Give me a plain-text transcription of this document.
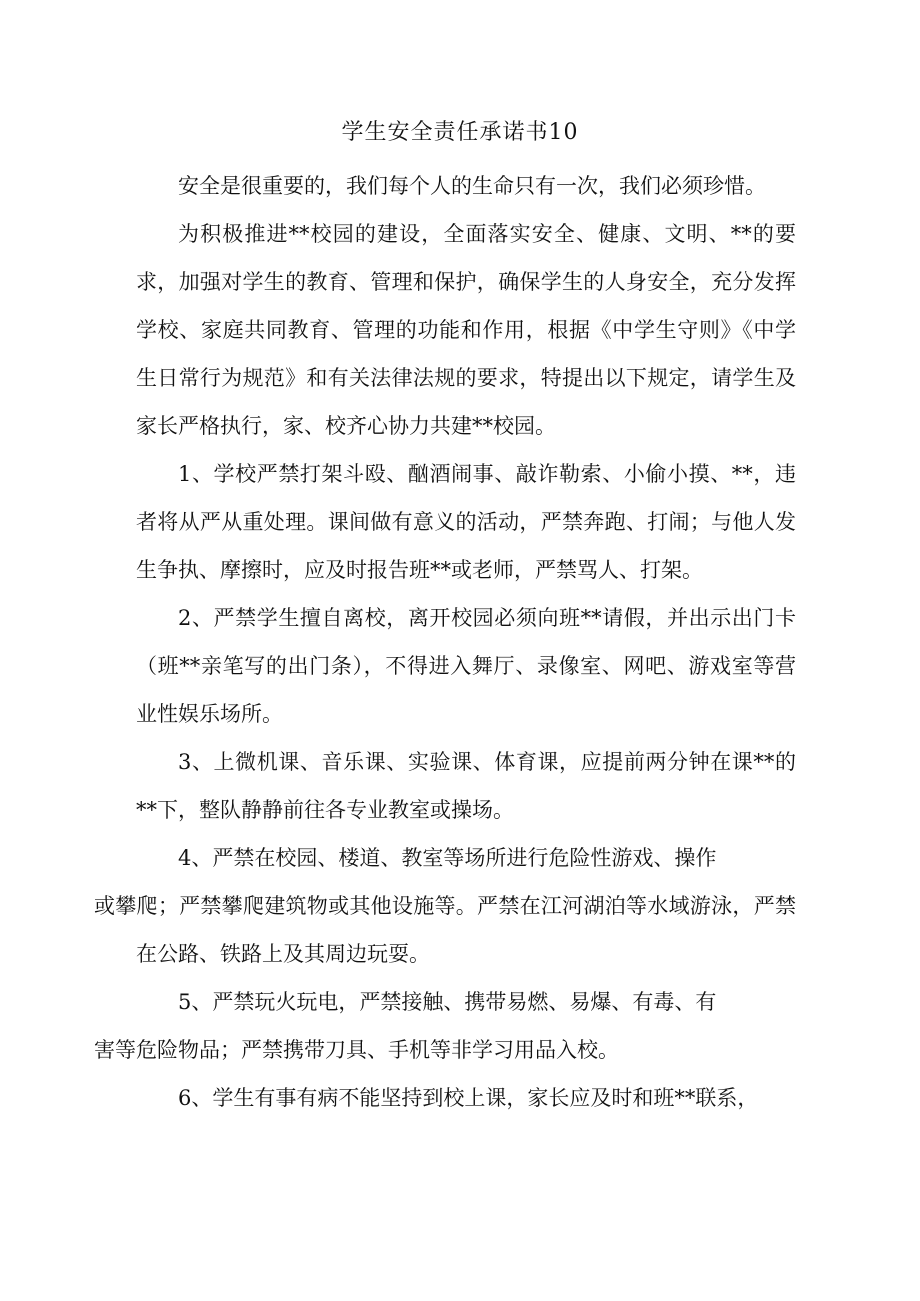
学生安全责任承诺书10

安全是很重要的，我们每个人的生命只有一次，我们必须珍惜。

为积极推进**校园的建设，全面落实安全、健康、文明、**的要求，加强对学生的教育、管理和保护，确保学生的人身安全，充分发挥学校、家庭共同教育、管理的功能和作用，根据《中学生守则》《中学生日常行为规范》和有关法律法规的要求，特提出以下规定，请学生及家长严格执行，家、校齐心协力共建**校园。

1、学校严禁打架斗殴、酗酒闹事、敲诈勒索、小偷小摸、**，违者将从严从重处理。课间做有意义的活动，严禁奔跑、打闹；与他人发生争执、摩擦时，应及时报告班**或老师，严禁骂人、打架。

2、严禁学生擅自离校，离开校园必须向班**请假，并出示出门卡（班**亲笔写的出门条），不得进入舞厅、录像室、网吧、游戏室等营业性娱乐场所。

3、上微机课、音乐课、实验课、体育课，应提前两分钟在课**的**下，整队静静前往各专业教室或操场。

4、严禁在校园、楼道、教室等场所进行危险性游戏、操作
或攀爬；严禁攀爬建筑物或其他设施等。严禁在江河湖泊等水域游泳，严禁在公路、铁路上及其周边玩耍。

5、严禁玩火玩电，严禁接触、携带易燃、易爆、有毒、有
害等危险物品；严禁携带刀具、手机等非学习用品入校。

6、学生有事有病不能坚持到校上课，家长应及时和班**联系，
